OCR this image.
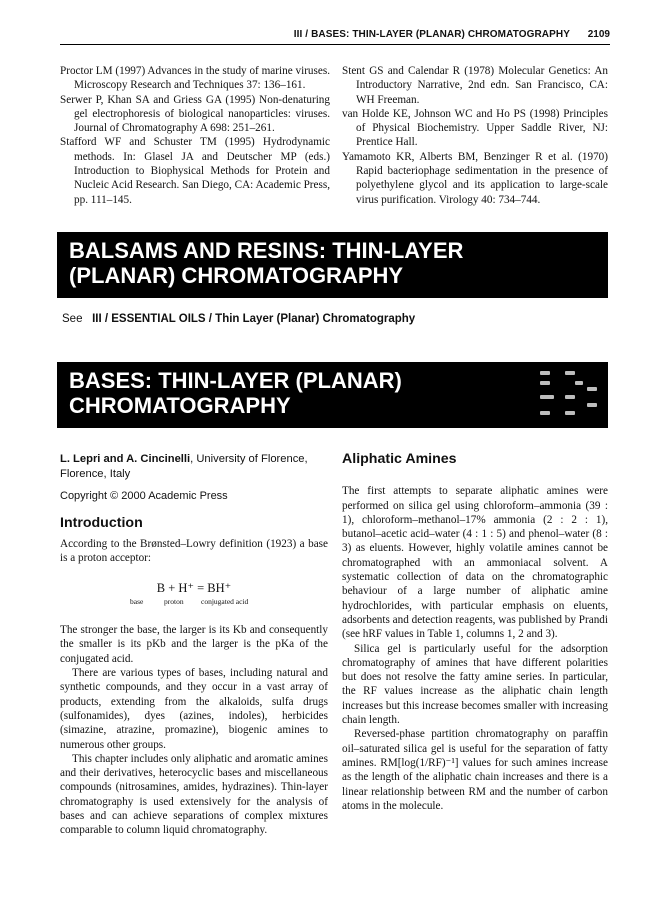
III / BASES: THIN-LAYER (PLANAR) CHROMATOGRAPHY 2109

Proctor LM (1997) Advances in the study of marine viruses. Microscopy Research and Techniques 37: 136–161.

Serwer P, Khan SA and Griess GA (1995) Non-denaturing gel electrophoresis of biological nanoparticles: viruses. Journal of Chromatography A 698: 251–261.

Stafford WF and Schuster TM (1995) Hydrodynamic methods. In: Glasel JA and Deutscher MP (eds.) Introduction to Biophysical Methods for Protein and Nucleic Acid Research. San Diego, CA: Academic Press, pp. 111–145.

Stent GS and Calendar R (1978) Molecular Genetics: An Introductory Narrative, 2nd edn. San Francisco, CA: WH Freeman.

van Holde KE, Johnson WC and Ho PS (1998) Principles of Physical Biochemistry. Upper Saddle River, NJ: Prentice Hall.

Yamamoto KR, Alberts BM, Benzinger R et al. (1970) Rapid bacteriophage sedimentation in the presence of polyethylene glycol and its application to large-scale virus purification. Virology 40: 734–744.

BALSAMS AND RESINS: THIN-LAYER
(PLANAR) CHROMATOGRAPHY
See III / ESSENTIAL OILS / Thin Layer (Planar) Chromatography
BASES: THIN-LAYER (PLANAR)
CHROMATOGRAPHY
L. Lepri and A. Cincinelli, University of Florence, Florence, Italy
Copyright © 2000 Academic Press

Introduction

According to the Brønsted–Lowry definition (1923) a base is a proton acceptor:

B + H⁺ = BH⁺
base	proton conjugated acid

The stronger the base, the larger is its Kb and consequently the smaller is its pKb and the larger is the pKa of the conjugated acid.

There are various types of bases, including natural and synthetic compounds, and they occur in a vast array of products, extending from the alkaloids, sulfa drugs (sulfonamides), dyes (azines, indoles), herbicides (simazine, atrazine, promazine), biogenic amines to numerous other groups.

This chapter includes only aliphatic and aromatic amines and their derivatives, heterocyclic bases and miscellaneous compounds (nitrosamines, amides, hydrazines). Thin-layer chromatography is used extensively for the analysis of bases and can achieve separations of complex mixtures comparable to column liquid chromatography.

Aliphatic Amines

The first attempts to separate aliphatic amines were performed on silica gel using chloroform–ammonia (39 : 1), chloroform–methanol–17% ammonia (2 : 2 : 1), butanol–acetic acid–water (4 : 1 : 5) and phenol–water (8 : 3) as eluents. However, highly volatile amines cannot be chromatographed with an ammoniacal solvent. A systematic collection of data on the chromatographic behaviour of a large number of aliphatic amine hydrochlorides, with particular emphasis on eluents, adsorbents and detection reagents, was published by Prandi (see hRF values in Table 1, columns 1, 2 and 3).

Silica gel is particularly useful for the adsorption chromatography of amines that have different polarities but does not resolve the fatty amine series. In particular, the RF values increase as the aliphatic chain length increases but this increase becomes smaller with increasing chain length.

Reversed-phase partition chromatography on paraffin oil–saturated silica gel is useful for the separation of fatty amines. RM[log(1/RF)⁻¹] values for such amines increase as the length of the aliphatic chain increases and there is a linear relationship between RM and the number of carbon atoms in the molecule.
